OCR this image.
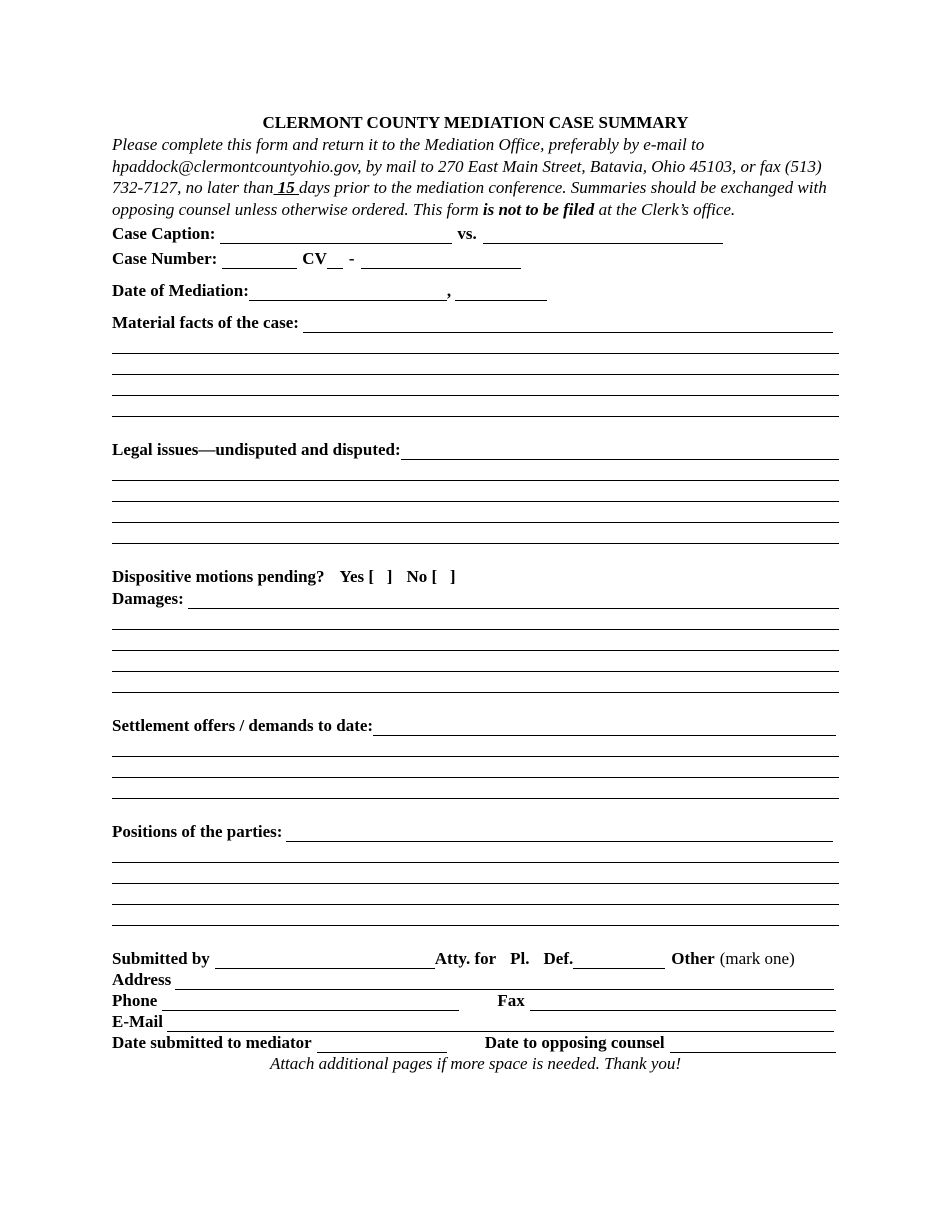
CLERMONT COUNTY MEDIATION CASE SUMMARY

Please complete this form and return it to the Mediation Office, preferably by e-mail to hpaddock@clermontcountyohio.gov, by mail to 270 East Main Street, Batavia, Ohio 45103, or fax (513) 732-7127, no later than 15 days prior to the mediation conference. Summaries should be exchanged with opposing counsel unless otherwise ordered. This form is not to be filed at the Clerk’s office.

Case Caption:	vs.
Case Number:	CV -
Date of Mediation:	,
Material facts of the case:
Legal issues—undisputed and disputed:
Dispositive motions pending? Yes [   ] No [   ]
Damages:
Settlement offers / demands to date:
Positions of the parties:
Submitted by	Atty. for Pl. Def.	Other (mark one)
Address
Phone	Fax
E-Mail
Date submitted to mediator	Date to opposing counsel
Attach additional pages if more space is needed. Thank you!
